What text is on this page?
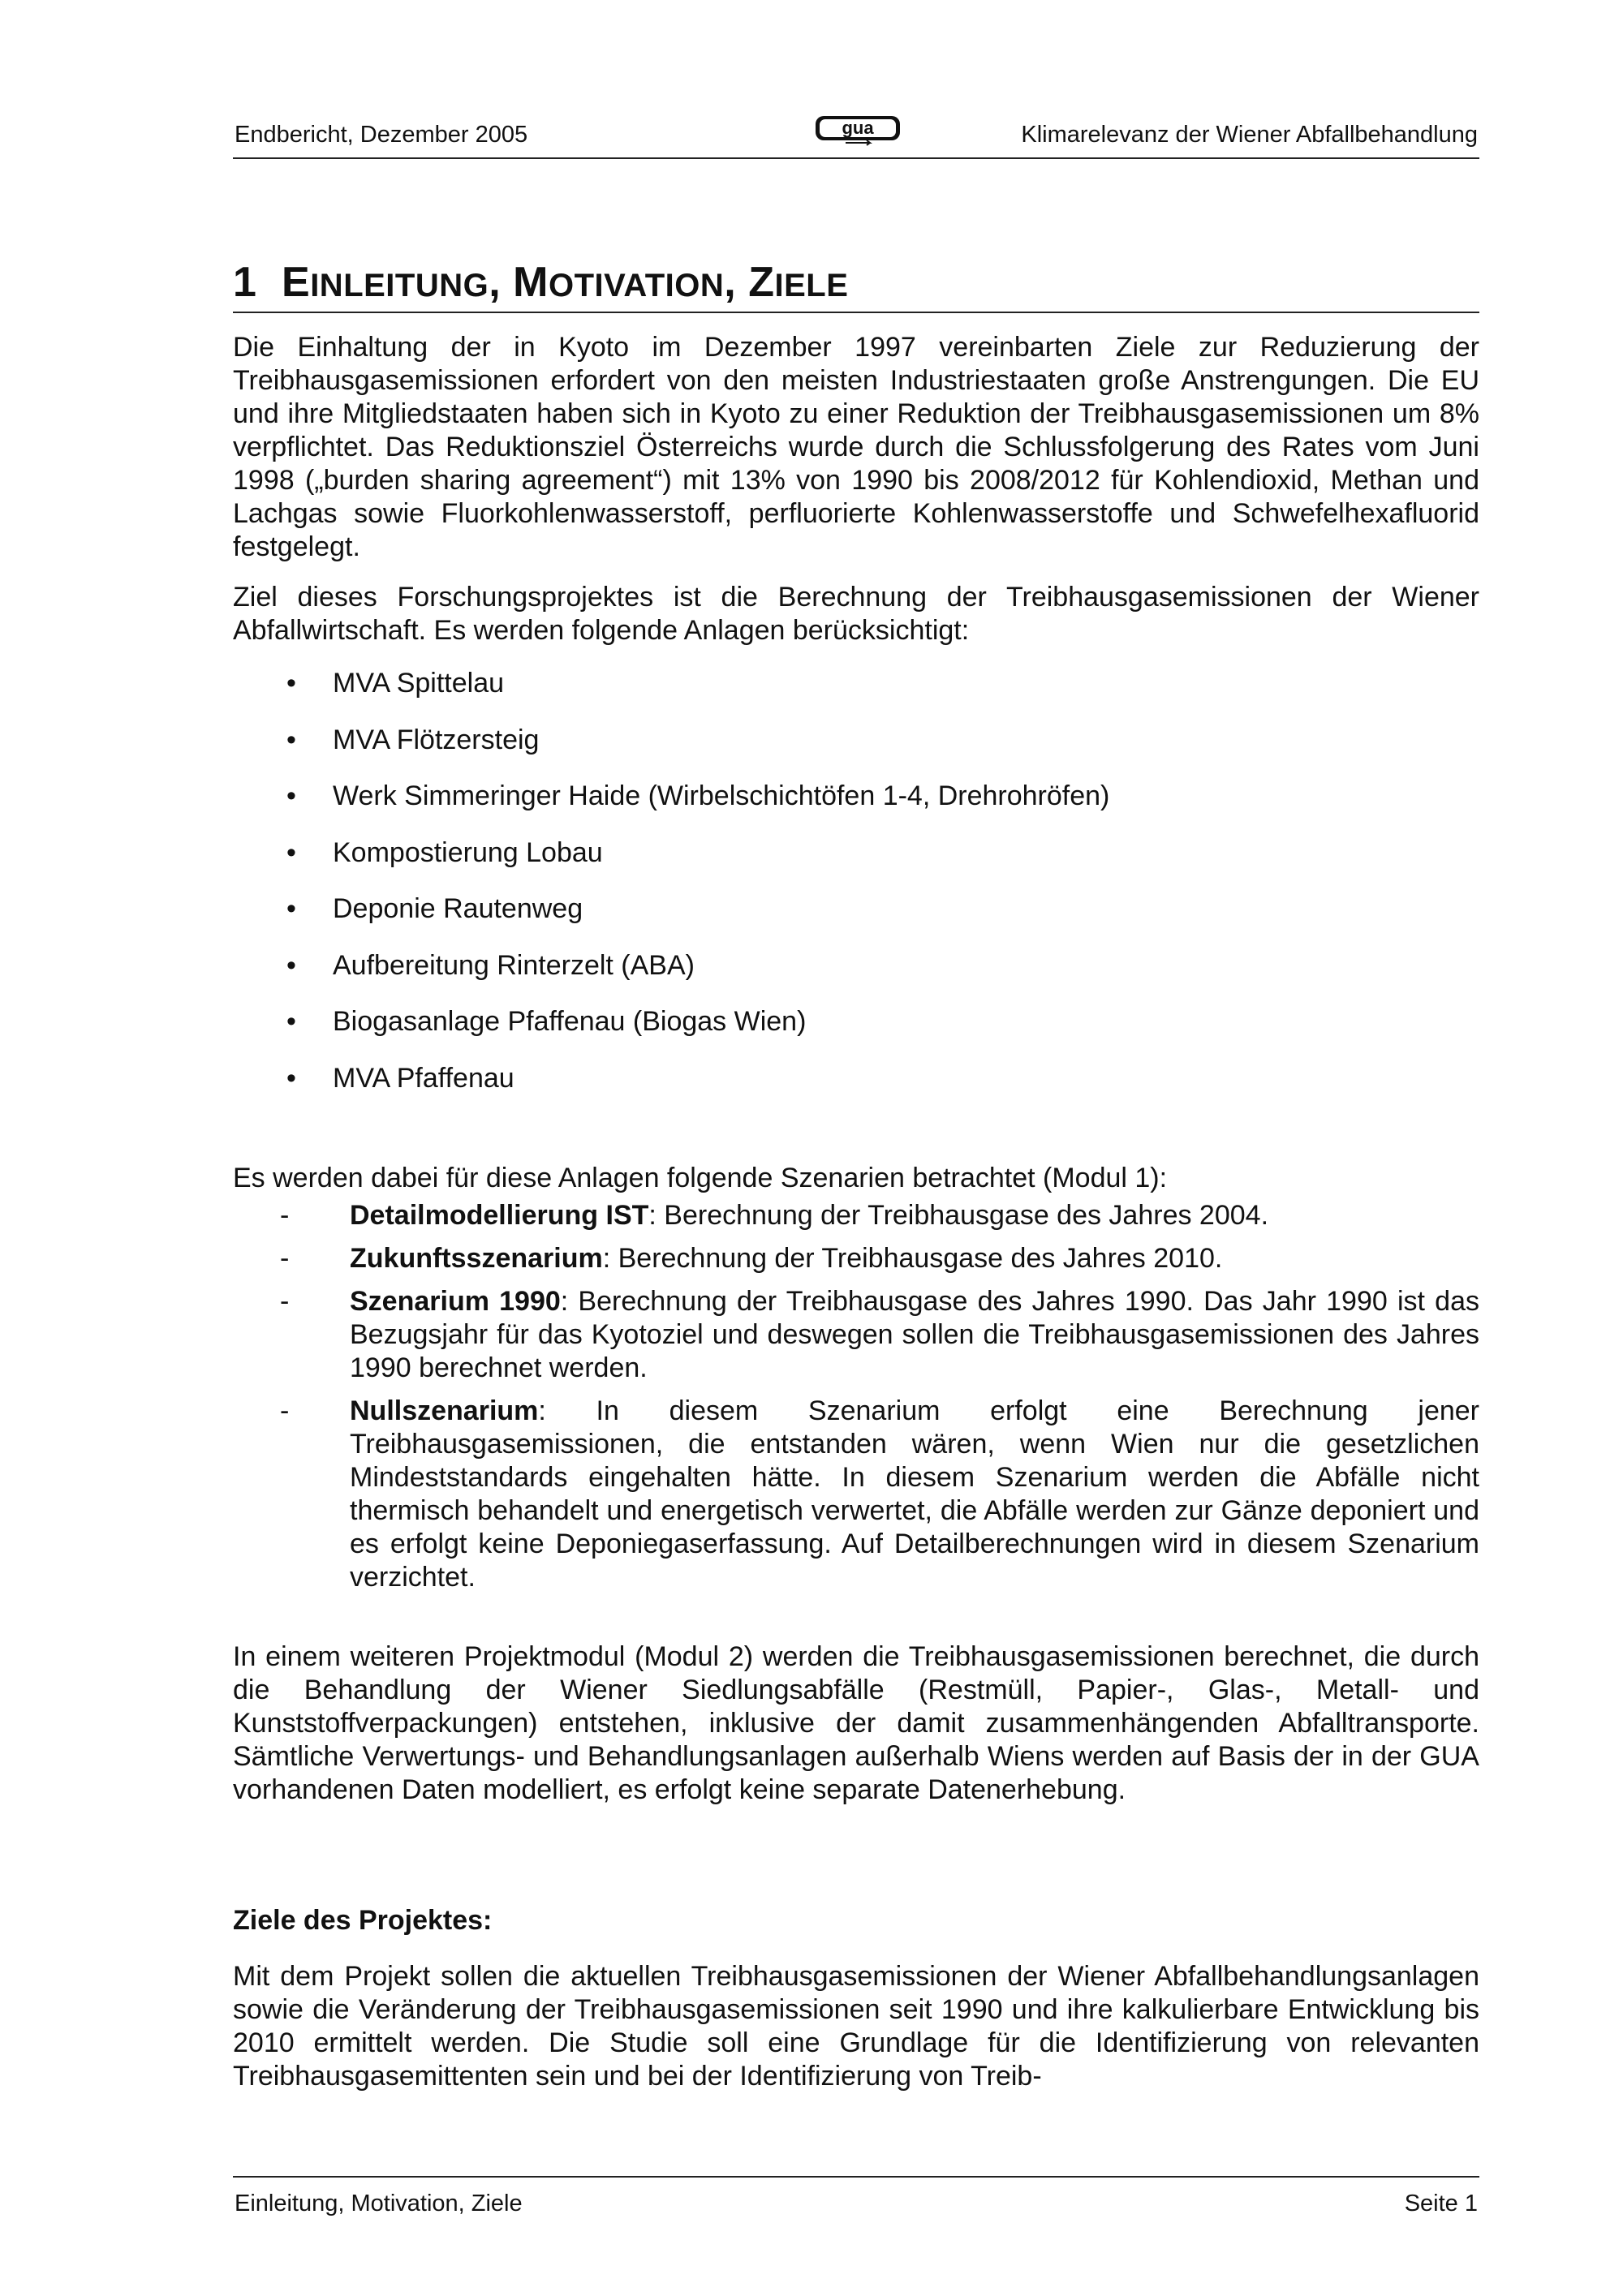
Endbericht, Dezember 2005	gua	Klimarelevanz der Wiener Abfallbehandlung
1 EINLEITUNG, MOTIVATION, ZIELE

Die Einhaltung der in Kyoto im Dezember 1997 vereinbarten Ziele zur Reduzierung der Treibhausgasemissionen erfordert von den meisten Industriestaaten große Anstrengungen. Die EU und ihre Mitgliedstaaten haben sich in Kyoto zu einer Reduktion der Treibhausgasemissionen um 8% verpflichtet. Das Reduktionsziel Österreichs wurde durch die Schlussfolgerung des Rates vom Juni 1998 („burden sharing agreement“) mit 13% von 1990 bis 2008/2012 für Kohlendioxid, Methan und Lachgas sowie Fluorkohlenwasserstoff, perfluorierte Kohlenwasserstoffe und Schwefelhexafluorid festgelegt.

Ziel dieses Forschungsprojektes ist die Berechnung der Treibhausgasemissionen der Wiener Abfallwirtschaft. Es werden folgende Anlagen berücksichtigt:

• MVA Spittelau
• MVA Flötzersteig
• Werk Simmeringer Haide (Wirbelschichtöfen 1-4, Drehrohröfen)
• Kompostierung Lobau
• Deponie Rautenweg
• Aufbereitung Rinterzelt (ABA)
• Biogasanlage Pfaffenau (Biogas Wien)
• MVA Pfaffenau

Es werden dabei für diese Anlagen folgende Szenarien betrachtet (Modul 1):

- Detailmodellierung IST: Berechnung der Treibhausgase des Jahres 2004.
- Zukunftsszenarium: Berechnung der Treibhausgase des Jahres 2010.
- Szenarium 1990: Berechnung der Treibhausgase des Jahres 1990. Das Jahr 1990 ist das Bezugsjahr für das Kyotoziel und deswegen sollen die Treibhausgasemissionen des Jahres 1990 berechnet werden.
- Nullszenarium: In diesem Szenarium erfolgt eine Berechnung jener Treibhausgasemissionen, die entstanden wären, wenn Wien nur die gesetzlichen Mindeststandards eingehalten hätte. In diesem Szenarium werden die Abfälle nicht thermisch behandelt und energetisch verwertet, die Abfälle werden zur Gänze deponiert und es erfolgt keine Deponiegaserfassung. Auf Detailberechnungen wird in diesem Szenarium verzichtet.

In einem weiteren Projektmodul (Modul 2) werden die Treibhausgasemissionen berechnet, die durch die Behandlung der Wiener Siedlungsabfälle (Restmüll, Papier-, Glas-, Metall- und Kunststoffverpackungen) entstehen, inklusive der damit zusammenhängenden Abfalltransporte. Sämtliche Verwertungs- und Behandlungsanlagen außerhalb Wiens werden auf Basis der in der GUA vorhandenen Daten modelliert, es erfolgt keine separate Datenerhebung.

Ziele des Projektes:

Mit dem Projekt sollen die aktuellen Treibhausgasemissionen der Wiener Abfallbehandlungsanlagen sowie die Veränderung der Treibhausgasemissionen seit 1990 und ihre kalkulierbare Entwicklung bis 2010 ermittelt werden. Die Studie soll eine Grundlage für die Identifizierung von relevanten Treibhausgasemittenten sein und bei der Identifizierung von Treib-

Einleitung, Motivation, Ziele	Seite 1
